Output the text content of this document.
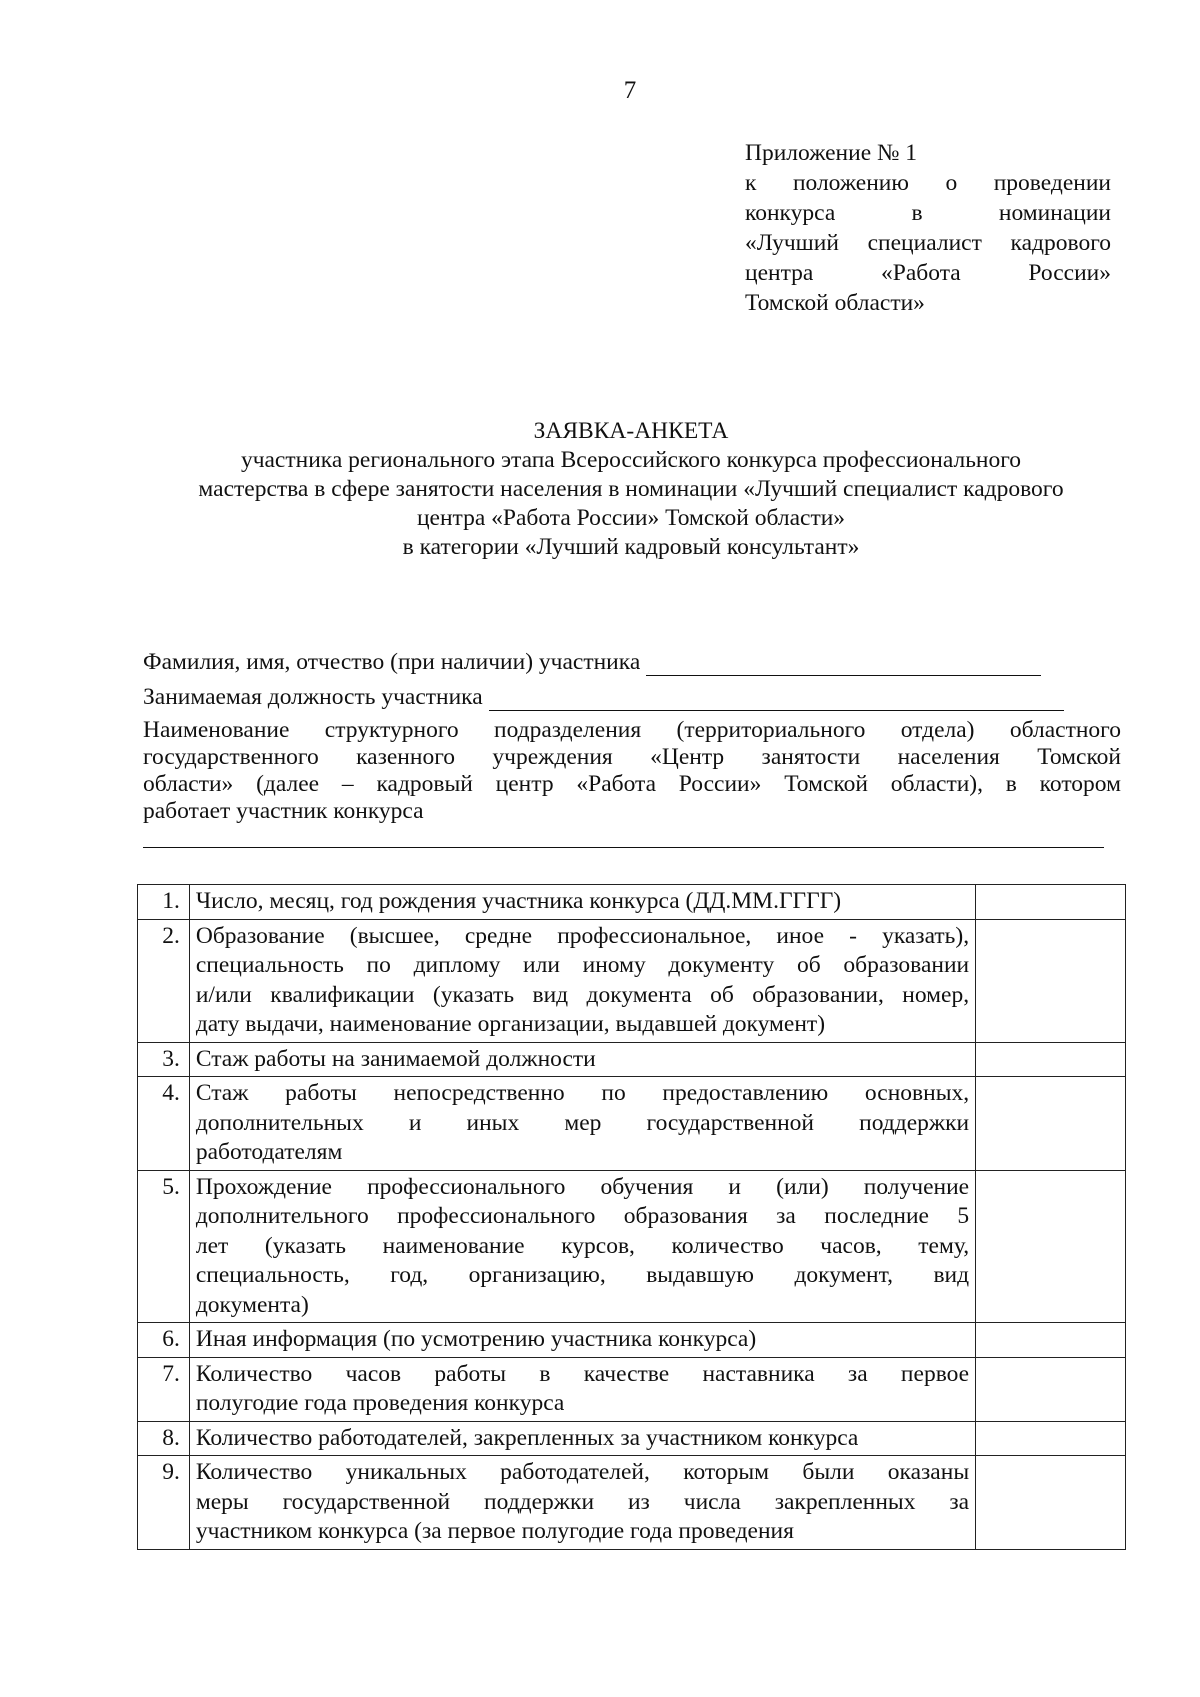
7
Приложение № 1
к положению о проведении
конкурса в номинации
«Лучший специалист кадрового
центра «Работа России»
Томской области»
ЗАЯВКА-АНКЕТА
участника регионального этапа Всероссийского конкурса профессионального
мастерства в сфере занятости населения в номинации «Лучший специалист кадрового
центра «Работа России» Томской области»
в категории «Лучший кадровый консультант»
Фамилия, имя, отчество (при наличии) участника
Занимаемая должность участника
Наименование структурного подразделения (территориального отдела) областного
государственного казенного учреждения «Центр занятости населения Томской
области» (далее – кадровый центр «Работа России» Томской области), в котором
работает участник конкурса
1.	Число, месяц, год рождения участника конкурса (ДД.ММ.ГГГГ)	

2.	Образование (высшее, средне профессиональное, иное - указать),
специальность по диплому или иному документу об образовании
и/или квалификации (указать вид документа об образовании, номер,
дату выдачи, наименование организации, выдавшей документ)	

3.	Стаж работы на занимаемой должности	

4.	Стаж работы непосредственно по предоставлению основных,
дополнительных и иных мер государственной поддержки
работодателям	

5.	Прохождение профессионального обучения и (или) получение
дополнительного профессионального образования за последние 5
лет (указать наименование курсов, количество часов, тему,
специальность, год, организацию, выдавшую документ, вид
документа)	

6.	Иная информация (по усмотрению участника конкурса)	

7.	Количество часов работы в качестве наставника за первое
полугодие года проведения конкурса	

8.	Количество работодателей, закрепленных за участником конкурса	

9.	Количество уникальных работодателей, которым были оказаны
меры государственной поддержки из числа закрепленных за
участником конкурса (за первое полугодие года проведения	
